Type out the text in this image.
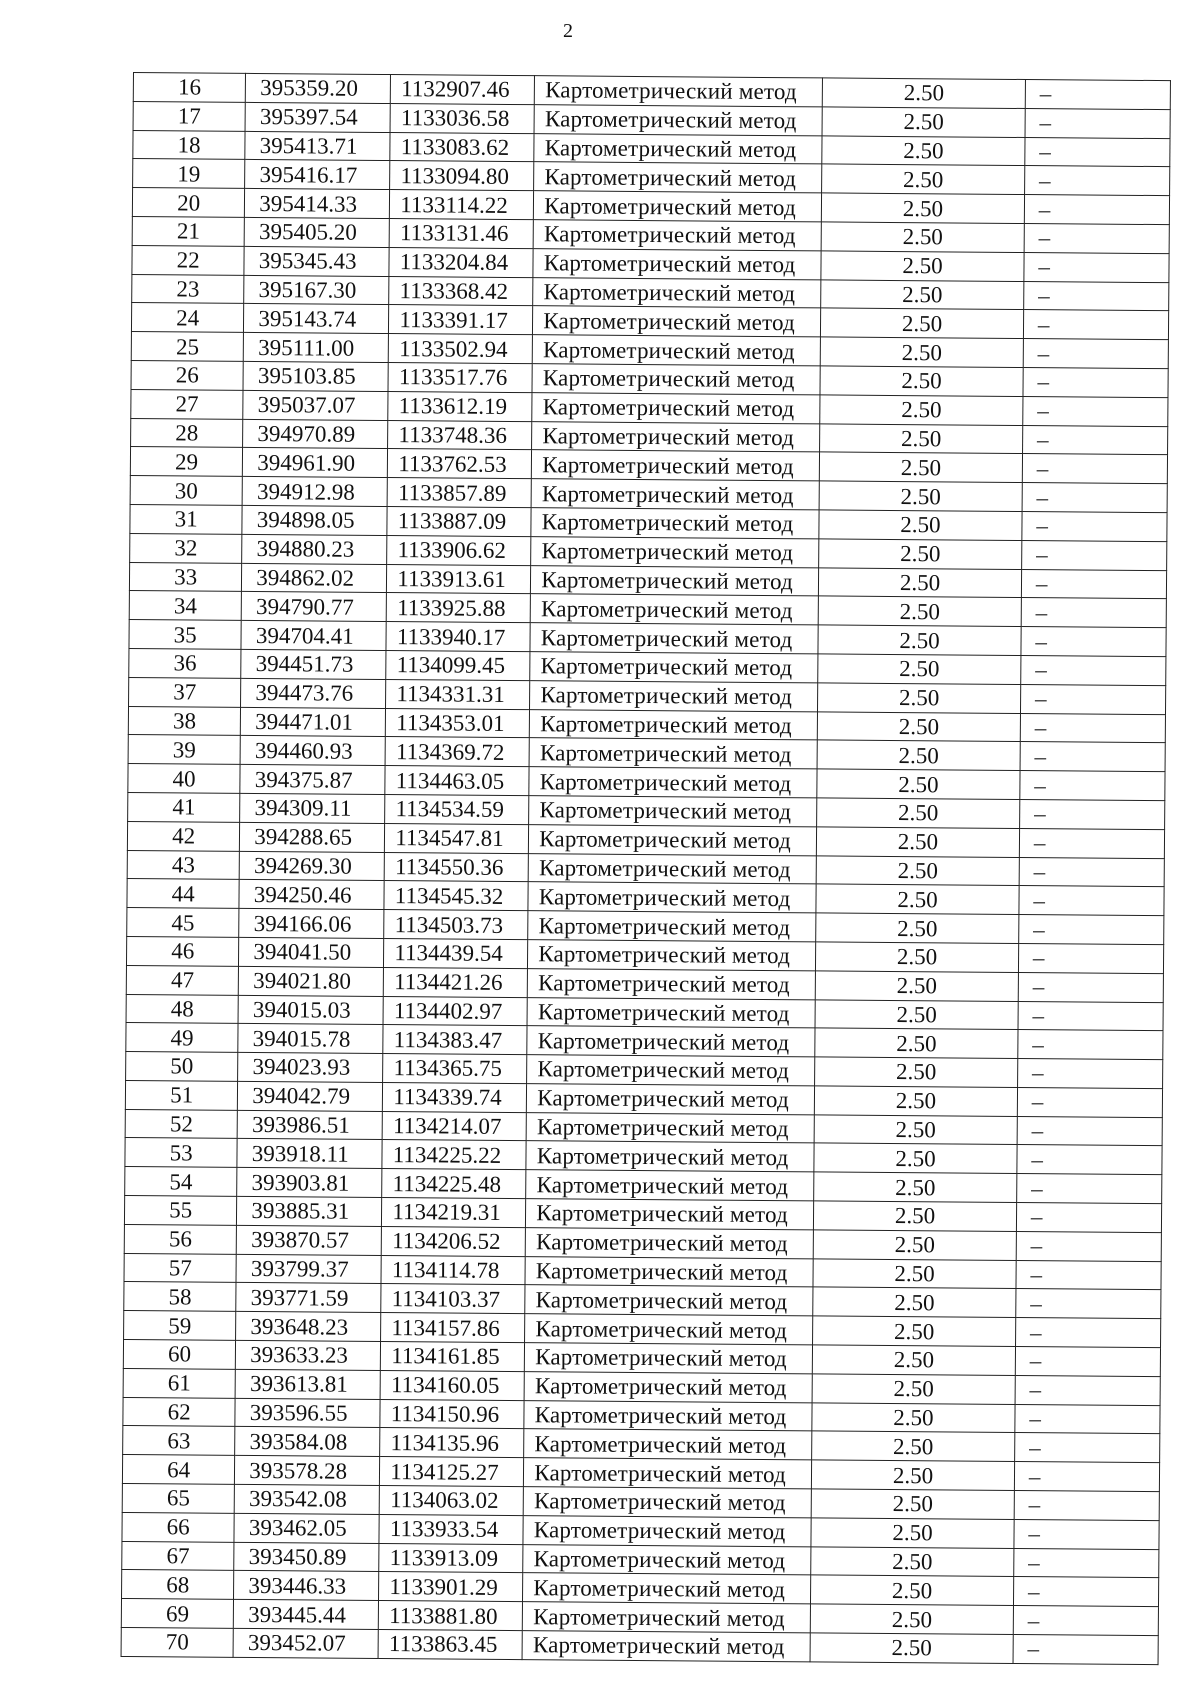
2
16	395359.20	1132907.46	Картометрический метод	2.50	–
17	395397.54	1133036.58	Картометрический метод	2.50	–
18	395413.71	1133083.62	Картометрический метод	2.50	–
19	395416.17	1133094.80	Картометрический метод	2.50	–
20	395414.33	1133114.22	Картометрический метод	2.50	–
21	395405.20	1133131.46	Картометрический метод	2.50	–
22	395345.43	1133204.84	Картометрический метод	2.50	–
23	395167.30	1133368.42	Картометрический метод	2.50	–
24	395143.74	1133391.17	Картометрический метод	2.50	–
25	395111.00	1133502.94	Картометрический метод	2.50	–
26	395103.85	1133517.76	Картометрический метод	2.50	–
27	395037.07	1133612.19	Картометрический метод	2.50	–
28	394970.89	1133748.36	Картометрический метод	2.50	–
29	394961.90	1133762.53	Картометрический метод	2.50	–
30	394912.98	1133857.89	Картометрический метод	2.50	–
31	394898.05	1133887.09	Картометрический метод	2.50	–
32	394880.23	1133906.62	Картометрический метод	2.50	–
33	394862.02	1133913.61	Картометрический метод	2.50	–
34	394790.77	1133925.88	Картометрический метод	2.50	–
35	394704.41	1133940.17	Картометрический метод	2.50	–
36	394451.73	1134099.45	Картометрический метод	2.50	–
37	394473.76	1134331.31	Картометрический метод	2.50	–
38	394471.01	1134353.01	Картометрический метод	2.50	–
39	394460.93	1134369.72	Картометрический метод	2.50	–
40	394375.87	1134463.05	Картометрический метод	2.50	–
41	394309.11	1134534.59	Картометрический метод	2.50	–
42	394288.65	1134547.81	Картометрический метод	2.50	–
43	394269.30	1134550.36	Картометрический метод	2.50	–
44	394250.46	1134545.32	Картометрический метод	2.50	–
45	394166.06	1134503.73	Картометрический метод	2.50	–
46	394041.50	1134439.54	Картометрический метод	2.50	–
47	394021.80	1134421.26	Картометрический метод	2.50	–
48	394015.03	1134402.97	Картометрический метод	2.50	–
49	394015.78	1134383.47	Картометрический метод	2.50	–
50	394023.93	1134365.75	Картометрический метод	2.50	–
51	394042.79	1134339.74	Картометрический метод	2.50	–
52	393986.51	1134214.07	Картометрический метод	2.50	–
53	393918.11	1134225.22	Картометрический метод	2.50	–
54	393903.81	1134225.48	Картометрический метод	2.50	–
55	393885.31	1134219.31	Картометрический метод	2.50	–
56	393870.57	1134206.52	Картометрический метод	2.50	–
57	393799.37	1134114.78	Картометрический метод	2.50	–
58	393771.59	1134103.37	Картометрический метод	2.50	–
59	393648.23	1134157.86	Картометрический метод	2.50	–
60	393633.23	1134161.85	Картометрический метод	2.50	–
61	393613.81	1134160.05	Картометрический метод	2.50	–
62	393596.55	1134150.96	Картометрический метод	2.50	–
63	393584.08	1134135.96	Картометрический метод	2.50	–
64	393578.28	1134125.27	Картометрический метод	2.50	–
65	393542.08	1134063.02	Картометрический метод	2.50	–
66	393462.05	1133933.54	Картометрический метод	2.50	–
67	393450.89	1133913.09	Картометрический метод	2.50	–
68	393446.33	1133901.29	Картометрический метод	2.50	–
69	393445.44	1133881.80	Картометрический метод	2.50	–
70	393452.07	1133863.45	Картометрический метод	2.50	–
